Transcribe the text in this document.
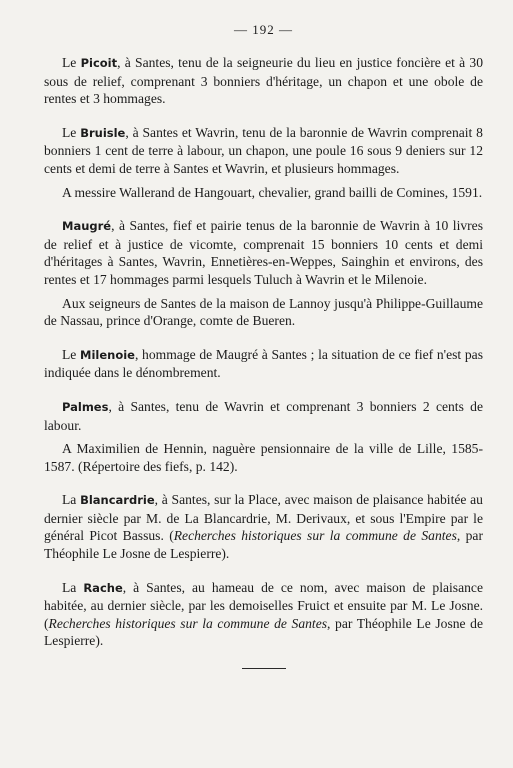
— 192 —

Le Picoit, à Santes, tenu de la seigneurie du lieu en justice foncière et à 30 sous de relief, comprenant 3 bonniers d'héritage, un chapon et une obole de rentes et 3 hommages.

Le Bruisle, à Santes et Wavrin, tenu de la baronnie de Wavrin comprenait 8 bonniers 1 cent de terre à labour, un chapon, une poule 16 sous 9 deniers sur 12 cents et demi de terre à Santes et Wavrin, et plusieurs hommages.

A messire Wallerand de Hangouart, chevalier, grand bailli de Comines, 1591.

Maugré, à Santes, fief et pairie tenus de la baronnie de Wavrin à 10 livres de relief et à justice de vicomte, comprenait 15 bonniers 10 cents et demi d'héritages à Santes, Wavrin, Ennetières-en-Weppes, Sainghin et environs, des rentes et 17 hommages parmi lesquels Tuluch à Wavrin et le Milenoie.

Aux seigneurs de Santes de la maison de Lannoy jusqu'à Philippe-Guillaume de Nassau, prince d'Orange, comte de Bueren.

Le Milenoie, hommage de Maugré à Santes ; la situation de ce fief n'est pas indiquée dans le dénombrement.

Palmes, à Santes, tenu de Wavrin et comprenant 3 bonniers 2 cents de labour.

A Maximilien de Hennin, naguère pensionnaire de la ville de Lille, 1585-1587. (Répertoire des fiefs, p. 142).

La Blancardrie, à Santes, sur la Place, avec maison de plaisance habitée au dernier siècle par M. de La Blancardrie, M. Derivaux, et sous l'Empire par le général Picot Bassus. (Recherches historiques sur la commune de Santes, par Théophile Le Josne de Lespierre).

La Rache, à Santes, au hameau de ce nom, avec maison de plaisance habitée, au dernier siècle, par les demoiselles Fruict et ensuite par M. Le Josne. (Recherches historiques sur la commune de Santes, par Théophile Le Josne de Lespierre).
